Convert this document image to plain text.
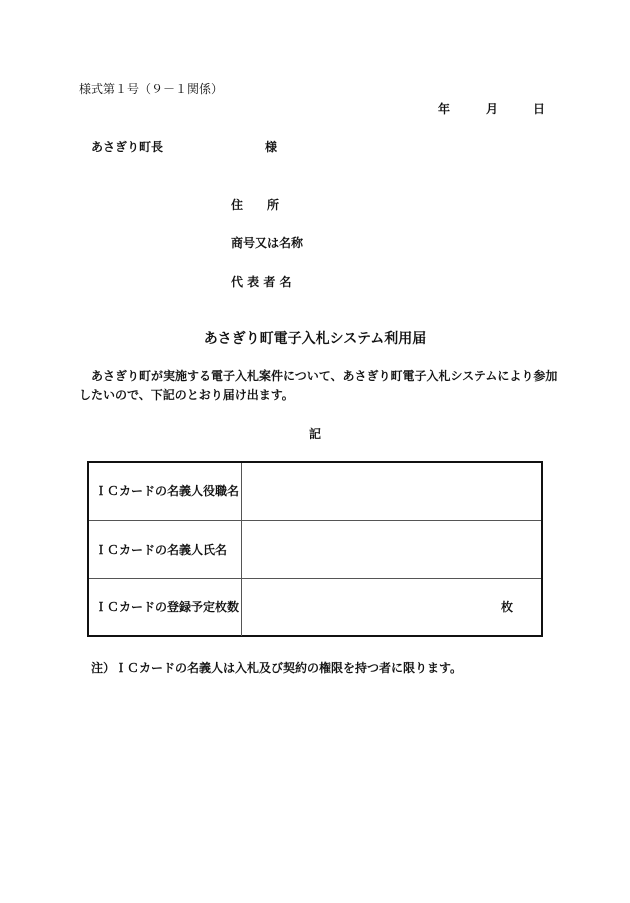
様式第１号（９－１関係）
年	月	日
あさぎり町長	様
住　　所
商号又は名称
代 表 者 名
あさぎり町電子入札システム利用届
あさぎり町が実施する電子入札案件について、あさぎり町電子入札システムにより参加
したいので、下記のとおり届け出ます。
記
ＩＣカードの名義人役職名
ＩＣカードの名義人氏名
ＩＣカードの登録予定枚数	枚
注）ＩＣカードの名義人は入札及び契約の権限を持つ者に限ります。
